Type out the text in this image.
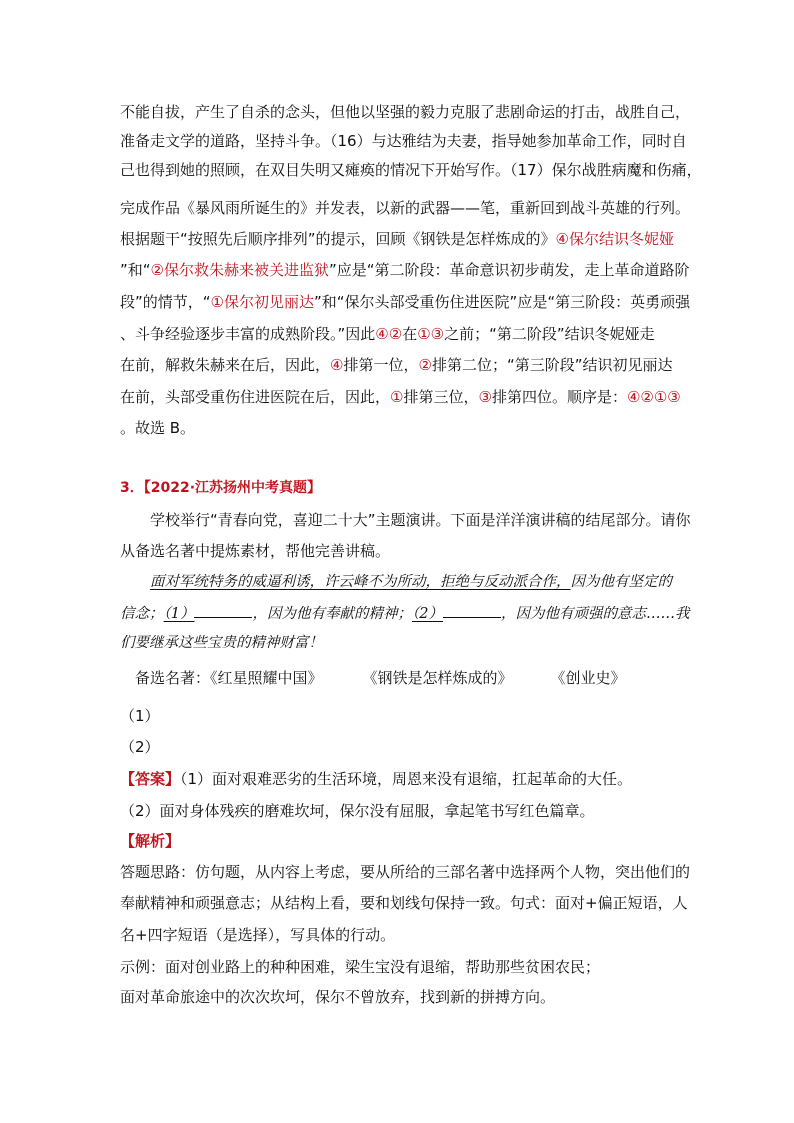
不能自拔，产生了自杀的念头，但他以坚强的毅力克服了悲剧命运的打击，战胜自己，
准备走文学的道路，坚持斗争。（16）与达雅结为夫妻，指导她参加革命工作，同时自
己也得到她的照顾，在双目失明又瘫痪的情况下开始写作。（17）保尔战胜病魔和伤痛，
完成作品《暴风雨所诞生的》并发表，以新的武器——笔，重新回到战斗英雄的行列。
根据题干“按照先后顺序排列”的提示，回顾《钢铁是怎样炼成的》④保尔结识冬妮娅
”和“②保尔救朱赫来被关进监狱”应是“第二阶段：革命意识初步萌发，走上革命道路阶
段”的情节，“①保尔初见丽达”和“保尔头部受重伤住进医院”应是“第三阶段：英勇顽强
、斗争经验逐步丰富的成熟阶段。”因此④②在①③之前；“第二阶段”结识冬妮娅走
在前，解救朱赫来在后，因此，④排第一位，②排第二位；“第三阶段”结识初见丽达
在前，头部受重伤住进医院在后，因此，①排第三位，③排第四位。顺序是：④②①③
。故选 B。
3．【2022·江苏扬州中考真题】
学校举行“青春向党，喜迎二十大”主题演讲。下面是洋洋演讲稿的结尾部分。请你
从备选名著中提炼素材，帮他完善讲稿。
面对军统特务的威逼利诱，许云峰不为所动，拒绝与反动派合作，因为他有坚定的
信念；（1）	，因为他有奉献的精神；（2）	，因为他有顽强的意志……我
们要继承这些宝贵的精神财富！
备选名著：《红星照耀中国》	《钢铁是怎样炼成的》	《创业史》
（1）
（2）
【答案】（1）面对艰难恶劣的生活环境，周恩来没有退缩，扛起革命的大任。
（2）面对身体残疾的磨难坎坷，保尔没有屈服，拿起笔书写红色篇章。
【解析】
答题思路：仿句题，从内容上考虑，要从所给的三部名著中选择两个人物，突出他们的
奉献精神和顽强意志；从结构上看，要和划线句保持一致。句式：面对+偏正短语，人
名+四字短语（是选择），写具体的行动。
示例：面对创业路上的种种困难，梁生宝没有退缩，帮助那些贫困农民；
面对革命旅途中的次次坎坷，保尔不曾放弃，找到新的拼搏方向。
